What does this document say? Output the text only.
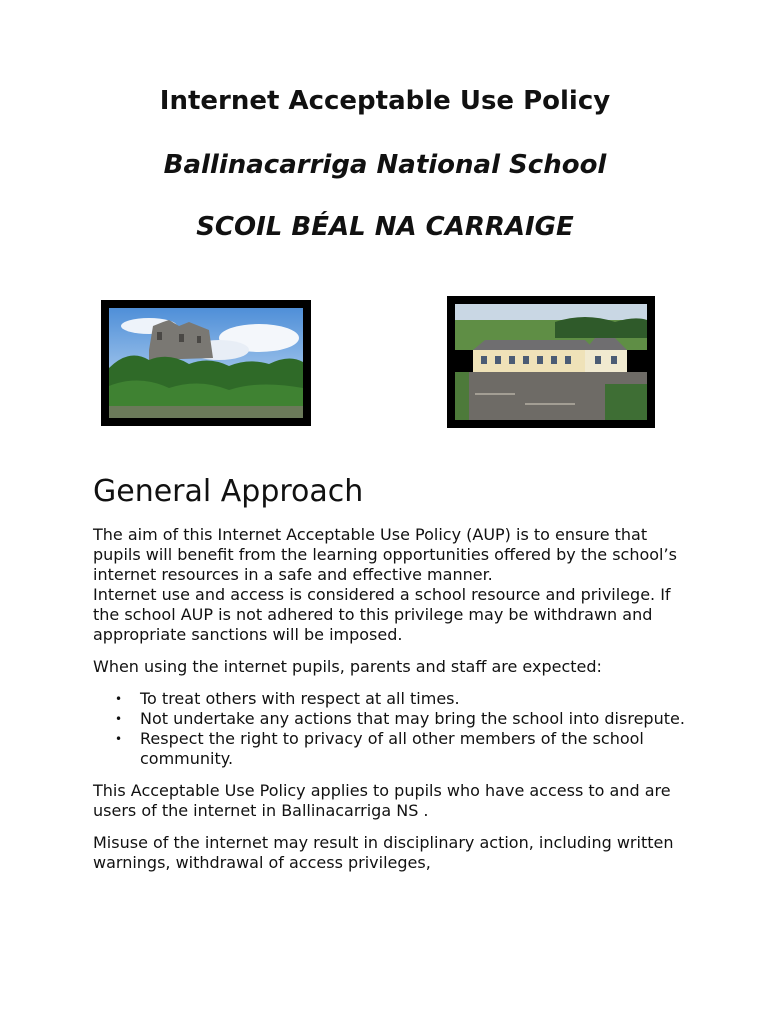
Internet Acceptable Use Policy
Ballinacarriga National School
SCOIL BÉAL NA CARRAIGE
General Approach

The aim of this Internet Acceptable Use Policy (AUP) is to ensure that pupils will benefit from the learning opportunities offered by the school’s internet resources in a safe and effective manner.

Internet use and access is considered a school resource and privilege. If the school AUP is not adhered to this privilege may be withdrawn and appropriate sanctions will be imposed.

When using the internet pupils, parents and staff are expected:

• To treat others with respect at all times.
• Not undertake any actions that may bring the school into disrepute.
• Respect the right to privacy of all other members of the school community.

This Acceptable Use Policy applies to pupils who have access to and are users of the internet in Ballinacarriga NS .

Misuse of the internet may result in disciplinary action, including written warnings, withdrawal of access privileges,
